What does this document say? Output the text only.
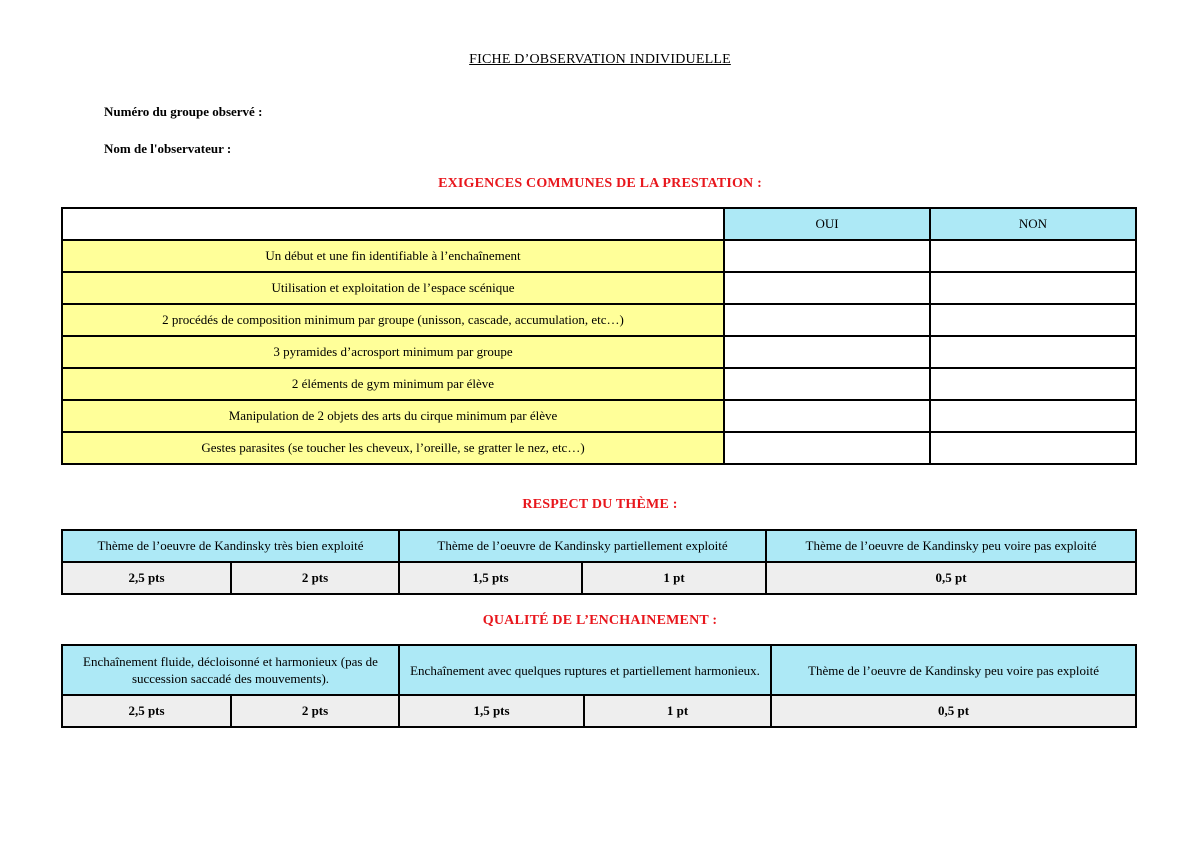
FICHE D’OBSERVATION INDIVIDUELLE
Numéro du groupe observé :
Nom de l'observateur :
EXIGENCES COMMUNES DE LA PRESTATION :
	OUI	NON
Un début et une fin identifiable à l’enchaînement		
Utilisation et exploitation de l’espace scénique		
2 procédés de composition minimum par groupe (unisson, cascade, accumulation, etc…)		
3 pyramides d’acrosport minimum par groupe		
2 éléments de gym minimum par élève		
Manipulation de 2 objets des arts du cirque minimum par élève		
Gestes parasites (se toucher les cheveux, l’oreille, se gratter le nez, etc…)		
RESPECT DU THÈME :
Thème de l’oeuvre de Kandinsky très bien exploité		Thème de l’oeuvre de Kandinsky partiellement exploité		Thème de l’oeuvre de Kandinsky peu voire pas exploité
2,5 pts	2 pts	1,5 pts	1 pt	0,5 pt
QUALITÉ DE L’ENCHAINEMENT :
Enchaînement fluide, décloisonné et harmonieux (pas de succession saccadé des mouvements).		Enchaînement avec quelques ruptures et partiellement harmonieux.		Thème de l’oeuvre de Kandinsky peu voire pas exploité
2,5 pts	2 pts	1,5 pts	1 pt	0,5 pt
